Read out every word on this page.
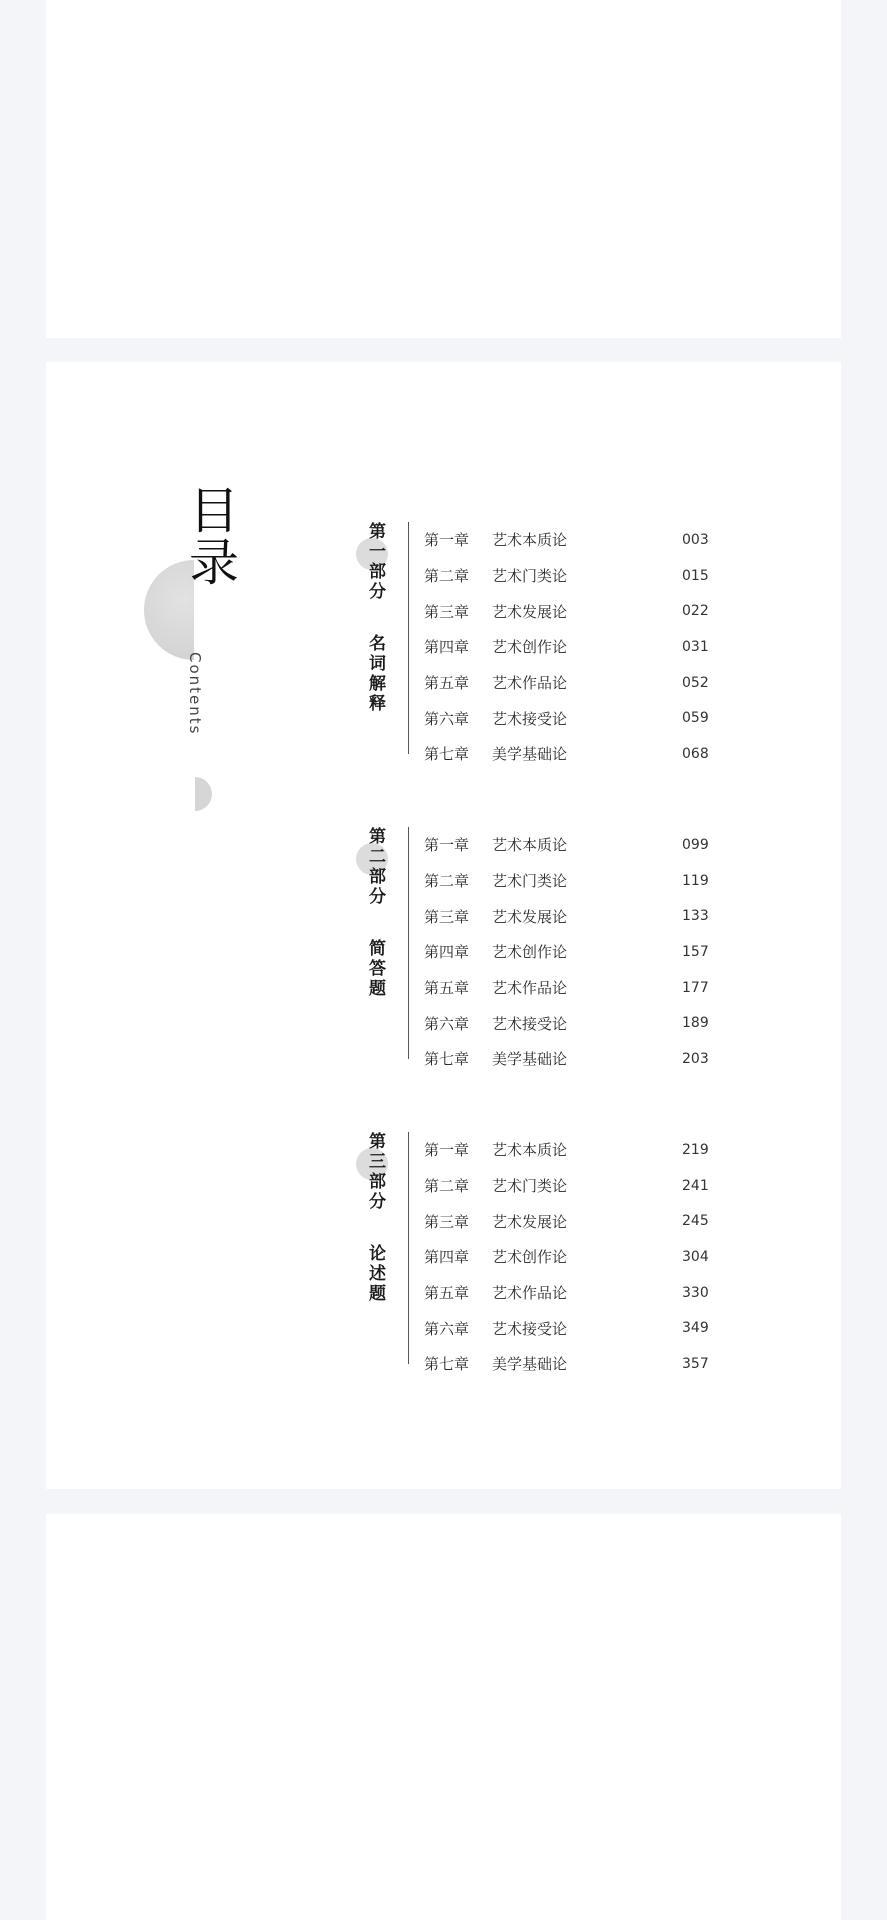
目录
Contents
第一部分
名词解释
第一章	艺术本质论	003
第二章	艺术门类论	015
第三章	艺术发展论	022
第四章	艺术创作论	031
第五章	艺术作品论	052
第六章	艺术接受论	059
第七章	美学基础论	068
第二部分
简答题
第一章	艺术本质论	099
第二章	艺术门类论	119
第三章	艺术发展论	133
第四章	艺术创作论	157
第五章	艺术作品论	177
第六章	艺术接受论	189
第七章	美学基础论	203
第三部分
论述题
第一章	艺术本质论	219
第二章	艺术门类论	241
第三章	艺术发展论	245
第四章	艺术创作论	304
第五章	艺术作品论	330
第六章	艺术接受论	349
第七章	美学基础论	357
